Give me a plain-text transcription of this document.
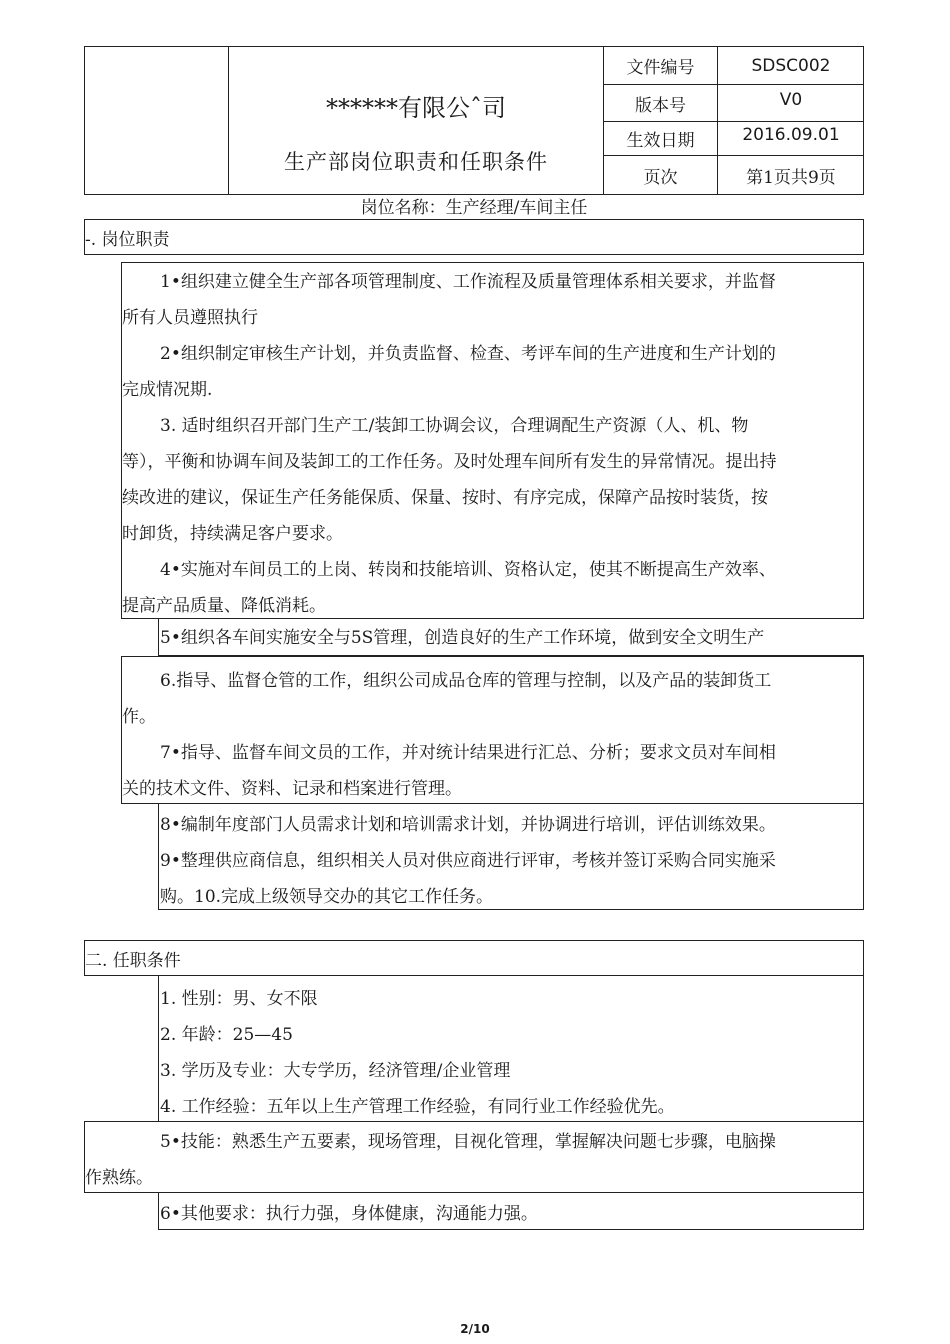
******有限公ˆ司
生产部岗位职责和任职条件
文件编号	SDSC002
版本号	V0
生效日期	2016.09.01
页次	第1页共9页
岗位名称：生产经理/车间主任
-. 岗位职责
1•组织建立健全生产部各项管理制度、工作流程及质量管理体系相关要求，并监督
所有人员遵照执行
2•组织制定审核生产计划，并负责监督、检查、考评车间的生产进度和生产计划的
完成情况期.
3. 适时组织召开部门生产工/装卸工协调会议，合理调配生产资源（人、机、物
等），平衡和协调车间及装卸工的工作任务。及时处理车间所有发生的异常情况。提出持
续改进的建议，保证生产任务能保质、保量、按时、有序完成，保障产品按时装货，按
时卸货，持续满足客户要求。
4•实施对车间员工的上岗、转岗和技能培训、资格认定，使其不断提高生产效率、
提高产品质量、降低消耗。
5•组织各车间实施安全与5S管理，创造良好的生产工作环境，做到安全文明生产
6.指导、监督仓管的工作，组织公司成品仓库的管理与控制，以及产品的装卸货工
作。
7•指导、监督车间文员的工作，并对统计结果进行汇总、分析；要求文员对车间相
关的技术文件、资料、记录和档案进行管理。
8•编制年度部门人员需求计划和培训需求计划，并协调进行培训，评估训练效果。
9•整理供应商信息，组织相关人员对供应商进行评审，考核并签订采购合同实施采
购。10.完成上级领导交办的其它工作任务。
二. 任职条件
1. 性别：男、女不限
2. 年龄：25—45
3. 学历及专业：大专学历，经济管理/企业管理
4. 工作经验：五年以上生产管理工作经验，有同行业工作经验优先。
5•技能：熟悉生产五要素，现场管理，目视化管理，掌握解决问题七步骤，电脑操
作熟练。
6•其他要求：执行力强，身体健康，沟通能力强。
2/10
